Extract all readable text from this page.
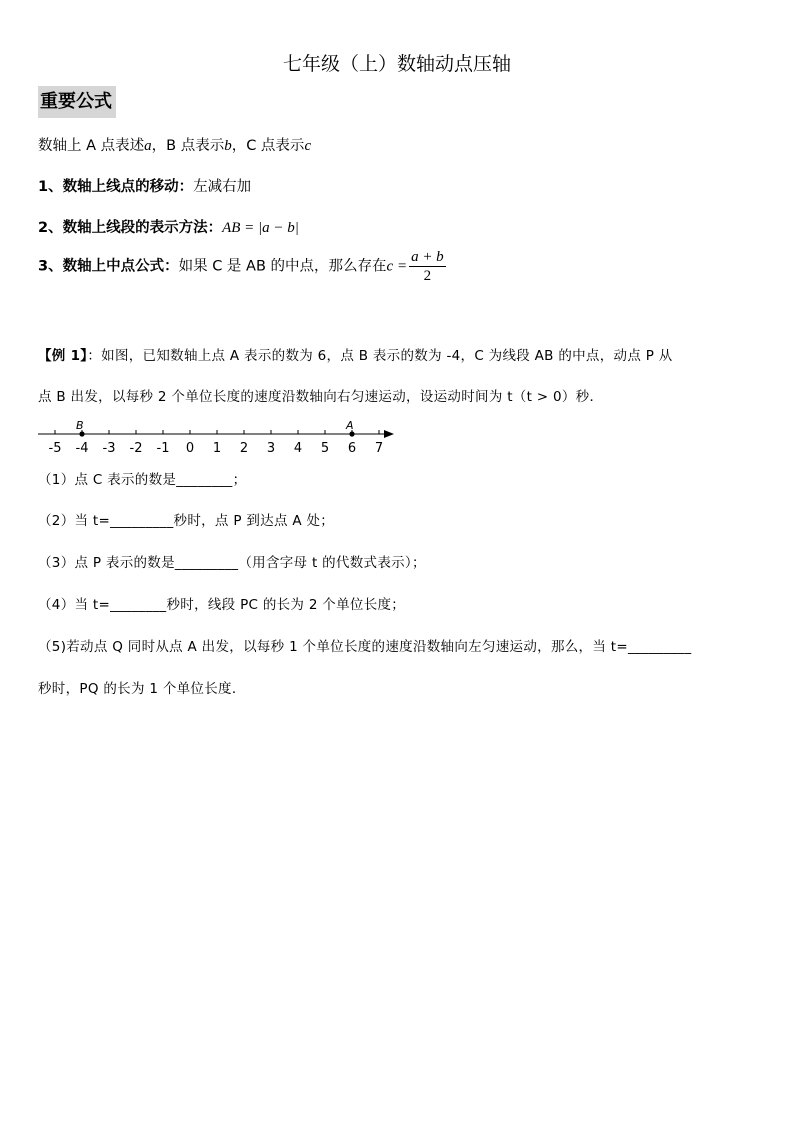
七年级（上）数轴动点压轴
重要公式
数轴上 A 点表述a，B 点表示b，C 点表示c
1、数轴上线点的移动：左减右加
2、数轴上线段的表示方法：AB = |a − b|
3、数轴上中点公式：如果 C 是 AB 的中点，那么存在$c = \frac{a + b}{2}$
【例 1】：如图，已知数轴上点 A 表示的数为 6，点 B 表示的数为 -4，C 为线段 AB 的中点，动点 P 从
点 B 出发，以每秒 2 个单位长度的速度沿数轴向右匀速运动，设运动时间为 t（t > 0）秒．
-5 -4 -3 -2 -1 0 1 2 3 4 5 6 7
B	A
（1）点 C 表示的数是________；
（2）当 t=_________秒时，点 P 到达点 A 处；
（3）点 P 表示的数是_________（用含字母 t 的代数式表示）；
（4）当 t=________秒时，线段 PC 的长为 2 个单位长度；
（5)若动点 Q 同时从点 A 出发，以每秒 1 个单位长度的速度沿数轴向左匀速运动，那么，当 t=_________
秒时，PQ 的长为 1 个单位长度．
